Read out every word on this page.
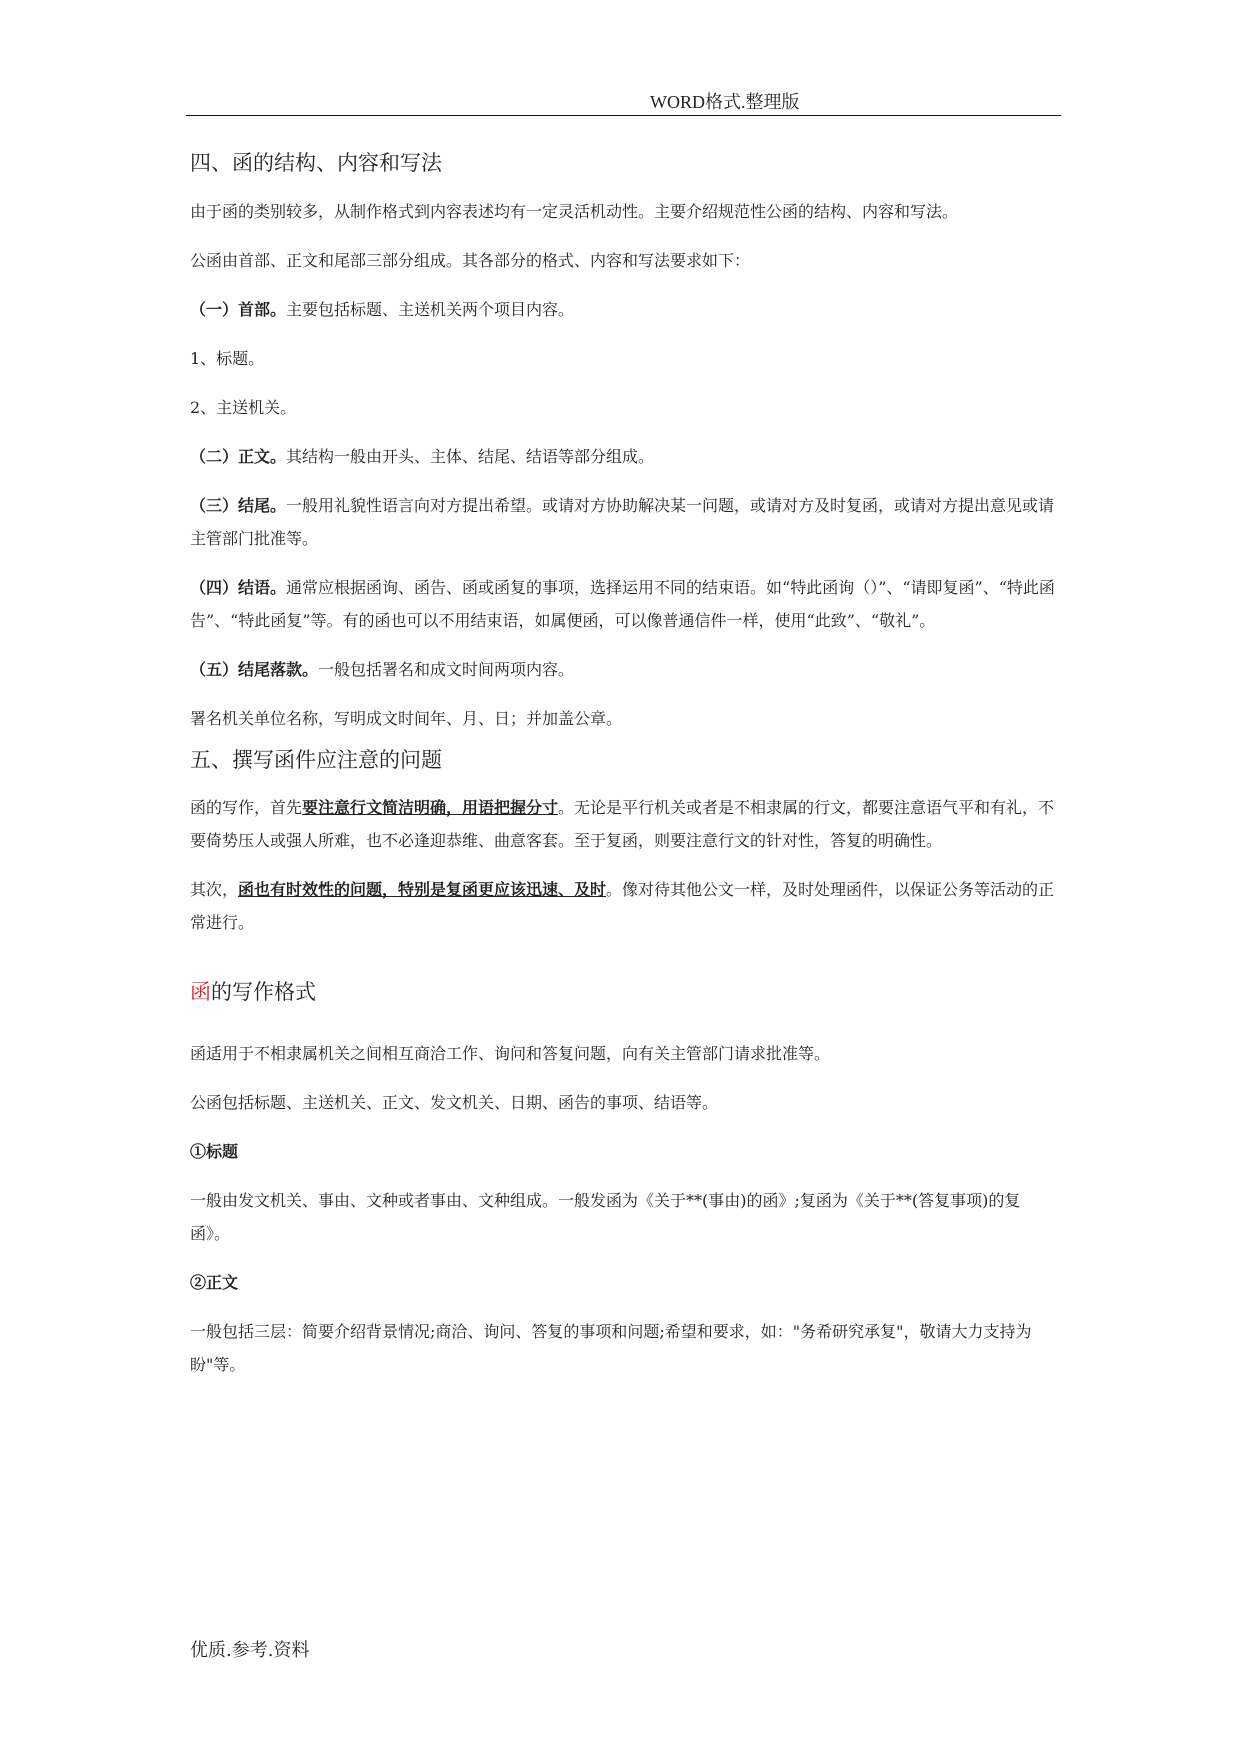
WORD格式.整理版

四、函的结构、内容和写法

由于函的类别较多，从制作格式到内容表述均有一定灵活机动性。主要介绍规范性公函的结构、内容和写法。

公函由首部、正文和尾部三部分组成。其各部分的格式、内容和写法要求如下：

（一）首部。主要包括标题、主送机关两个项目内容。

1、标题。

2、主送机关。

（二）正文。其结构一般由开头、主体、结尾、结语等部分组成。

（三）结尾。一般用礼貌性语言向对方提出希望。或请对方协助解决某一问题，或请对方及时复函，或请对方提出意见或请主管部门批准等。

（四）结语。通常应根据函询、函告、函或函复的事项，选择运用不同的结束语。如“特此函询（）”、“请即复函”、“特此函告”、“特此函复”等。有的函也可以不用结束语，如属便函，可以像普通信件一样，使用“此致”、“敬礼”。

（五）结尾落款。一般包括署名和成文时间两项内容。

署名机关单位名称，写明成文时间年、月、日；并加盖公章。

五、撰写函件应注意的问题

函的写作，首先要注意行文简洁明确，用语把握分寸。无论是平行机关或者是不相隶属的行文，都要注意语气平和有礼，不要倚势压人或强人所难，也不必逢迎恭维、曲意客套。至于复函，则要注意行文的针对性，答复的明确性。

其次，函也有时效性的问题，特别是复函更应该迅速、及时。像对待其他公文一样，及时处理函件，以保证公务等活动的正常进行。

函的写作格式

函适用于不相隶属机关之间相互商洽工作、询问和答复问题，向有关主管部门请求批准等。

公函包括标题、主送机关、正文、发文机关、日期、函告的事项、结语等。

①标题

一般由发文机关、事由、文种或者事由、文种组成。一般发函为《关于**(事由)的函》;复函为《关于**(答复事项)的复函》。

②正文

一般包括三层：简要介绍背景情况;商洽、询问、答复的事项和问题;希望和要求，如："务希研究承复"，敬请大力支持为盼"等。

优质.参考.资料
